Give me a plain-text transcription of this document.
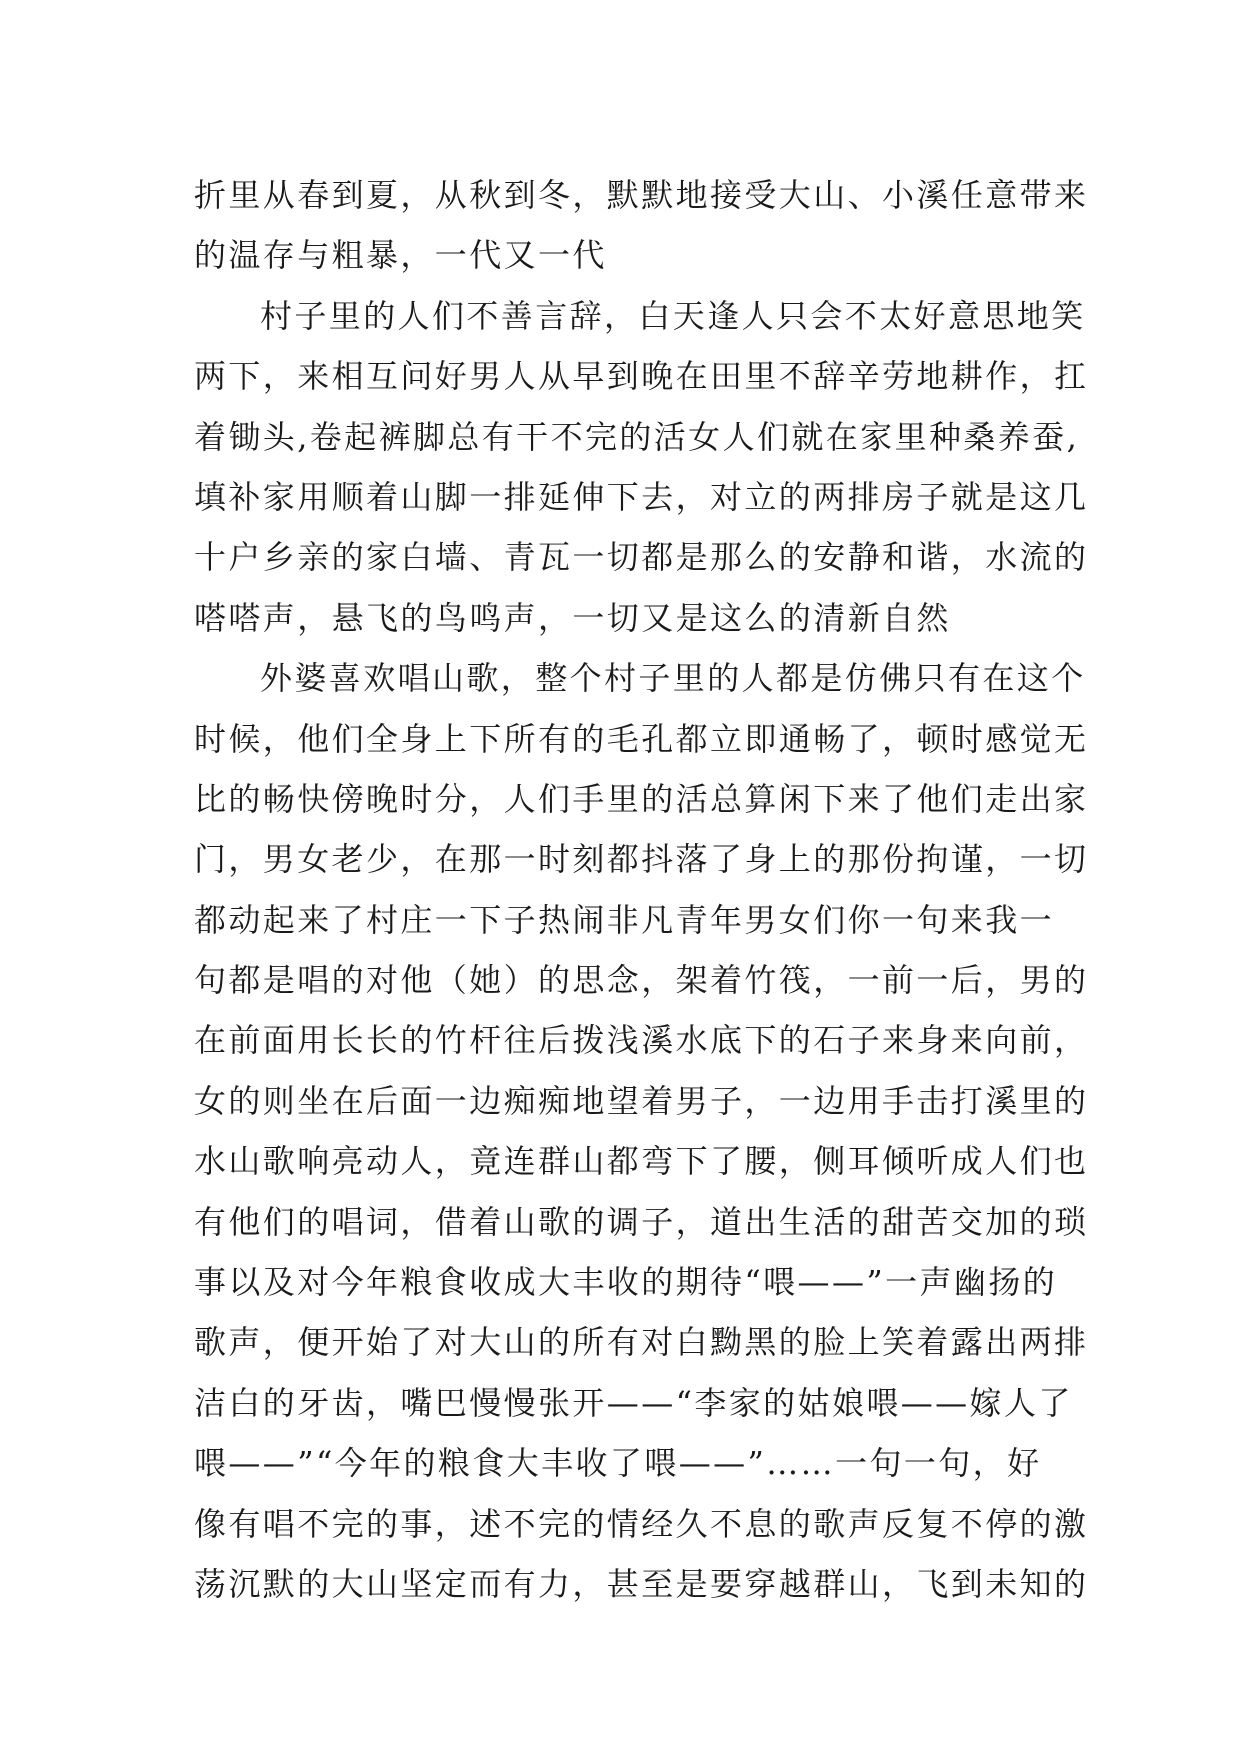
折里从春到夏，从秋到冬，默默地接受大山、小溪任意带来
的温存与粗暴，一代又一代
村子里的人们不善言辞，白天逢人只会不太好意思地笑
两下，来相互问好男人从早到晚在田里不辞辛劳地耕作，扛
着锄头,卷起裤脚总有干不完的活女人们就在家里种桑养蚕,
填补家用顺着山脚一排延伸下去，对立的两排房子就是这几
十户乡亲的家白墙、青瓦一切都是那么的安静和谐，水流的
嗒嗒声，悬飞的鸟鸣声，一切又是这么的清新自然
外婆喜欢唱山歌，整个村子里的人都是仿佛只有在这个
时候，他们全身上下所有的毛孔都立即通畅了，顿时感觉无
比的畅快傍晚时分，人们手里的活总算闲下来了他们走出家
门，男女老少，在那一时刻都抖落了身上的那份拘谨，一切
都动起来了村庄一下子热闹非凡青年男女们你一句来我一
句都是唱的对他（她）的思念，架着竹筏，一前一后，男的
在前面用长长的竹杆往后拨浅溪水底下的石子来身来向前，
女的则坐在后面一边痴痴地望着男子，一边用手击打溪里的
水山歌响亮动人，竟连群山都弯下了腰，侧耳倾听成人们也
有他们的唱词，借着山歌的调子，道出生活的甜苦交加的琐
事以及对今年粮食收成大丰收的期待“喂——”一声幽扬的
歌声，便开始了对大山的所有对白黝黑的脸上笑着露出两排
洁白的牙齿，嘴巴慢慢张开——“李家的姑娘喂——嫁人了
喂——”“今年的粮食大丰收了喂——”……一句一句，好
像有唱不完的事，述不完的情经久不息的歌声反复不停的激
荡沉默的大山坚定而有力，甚至是要穿越群山，飞到未知的
